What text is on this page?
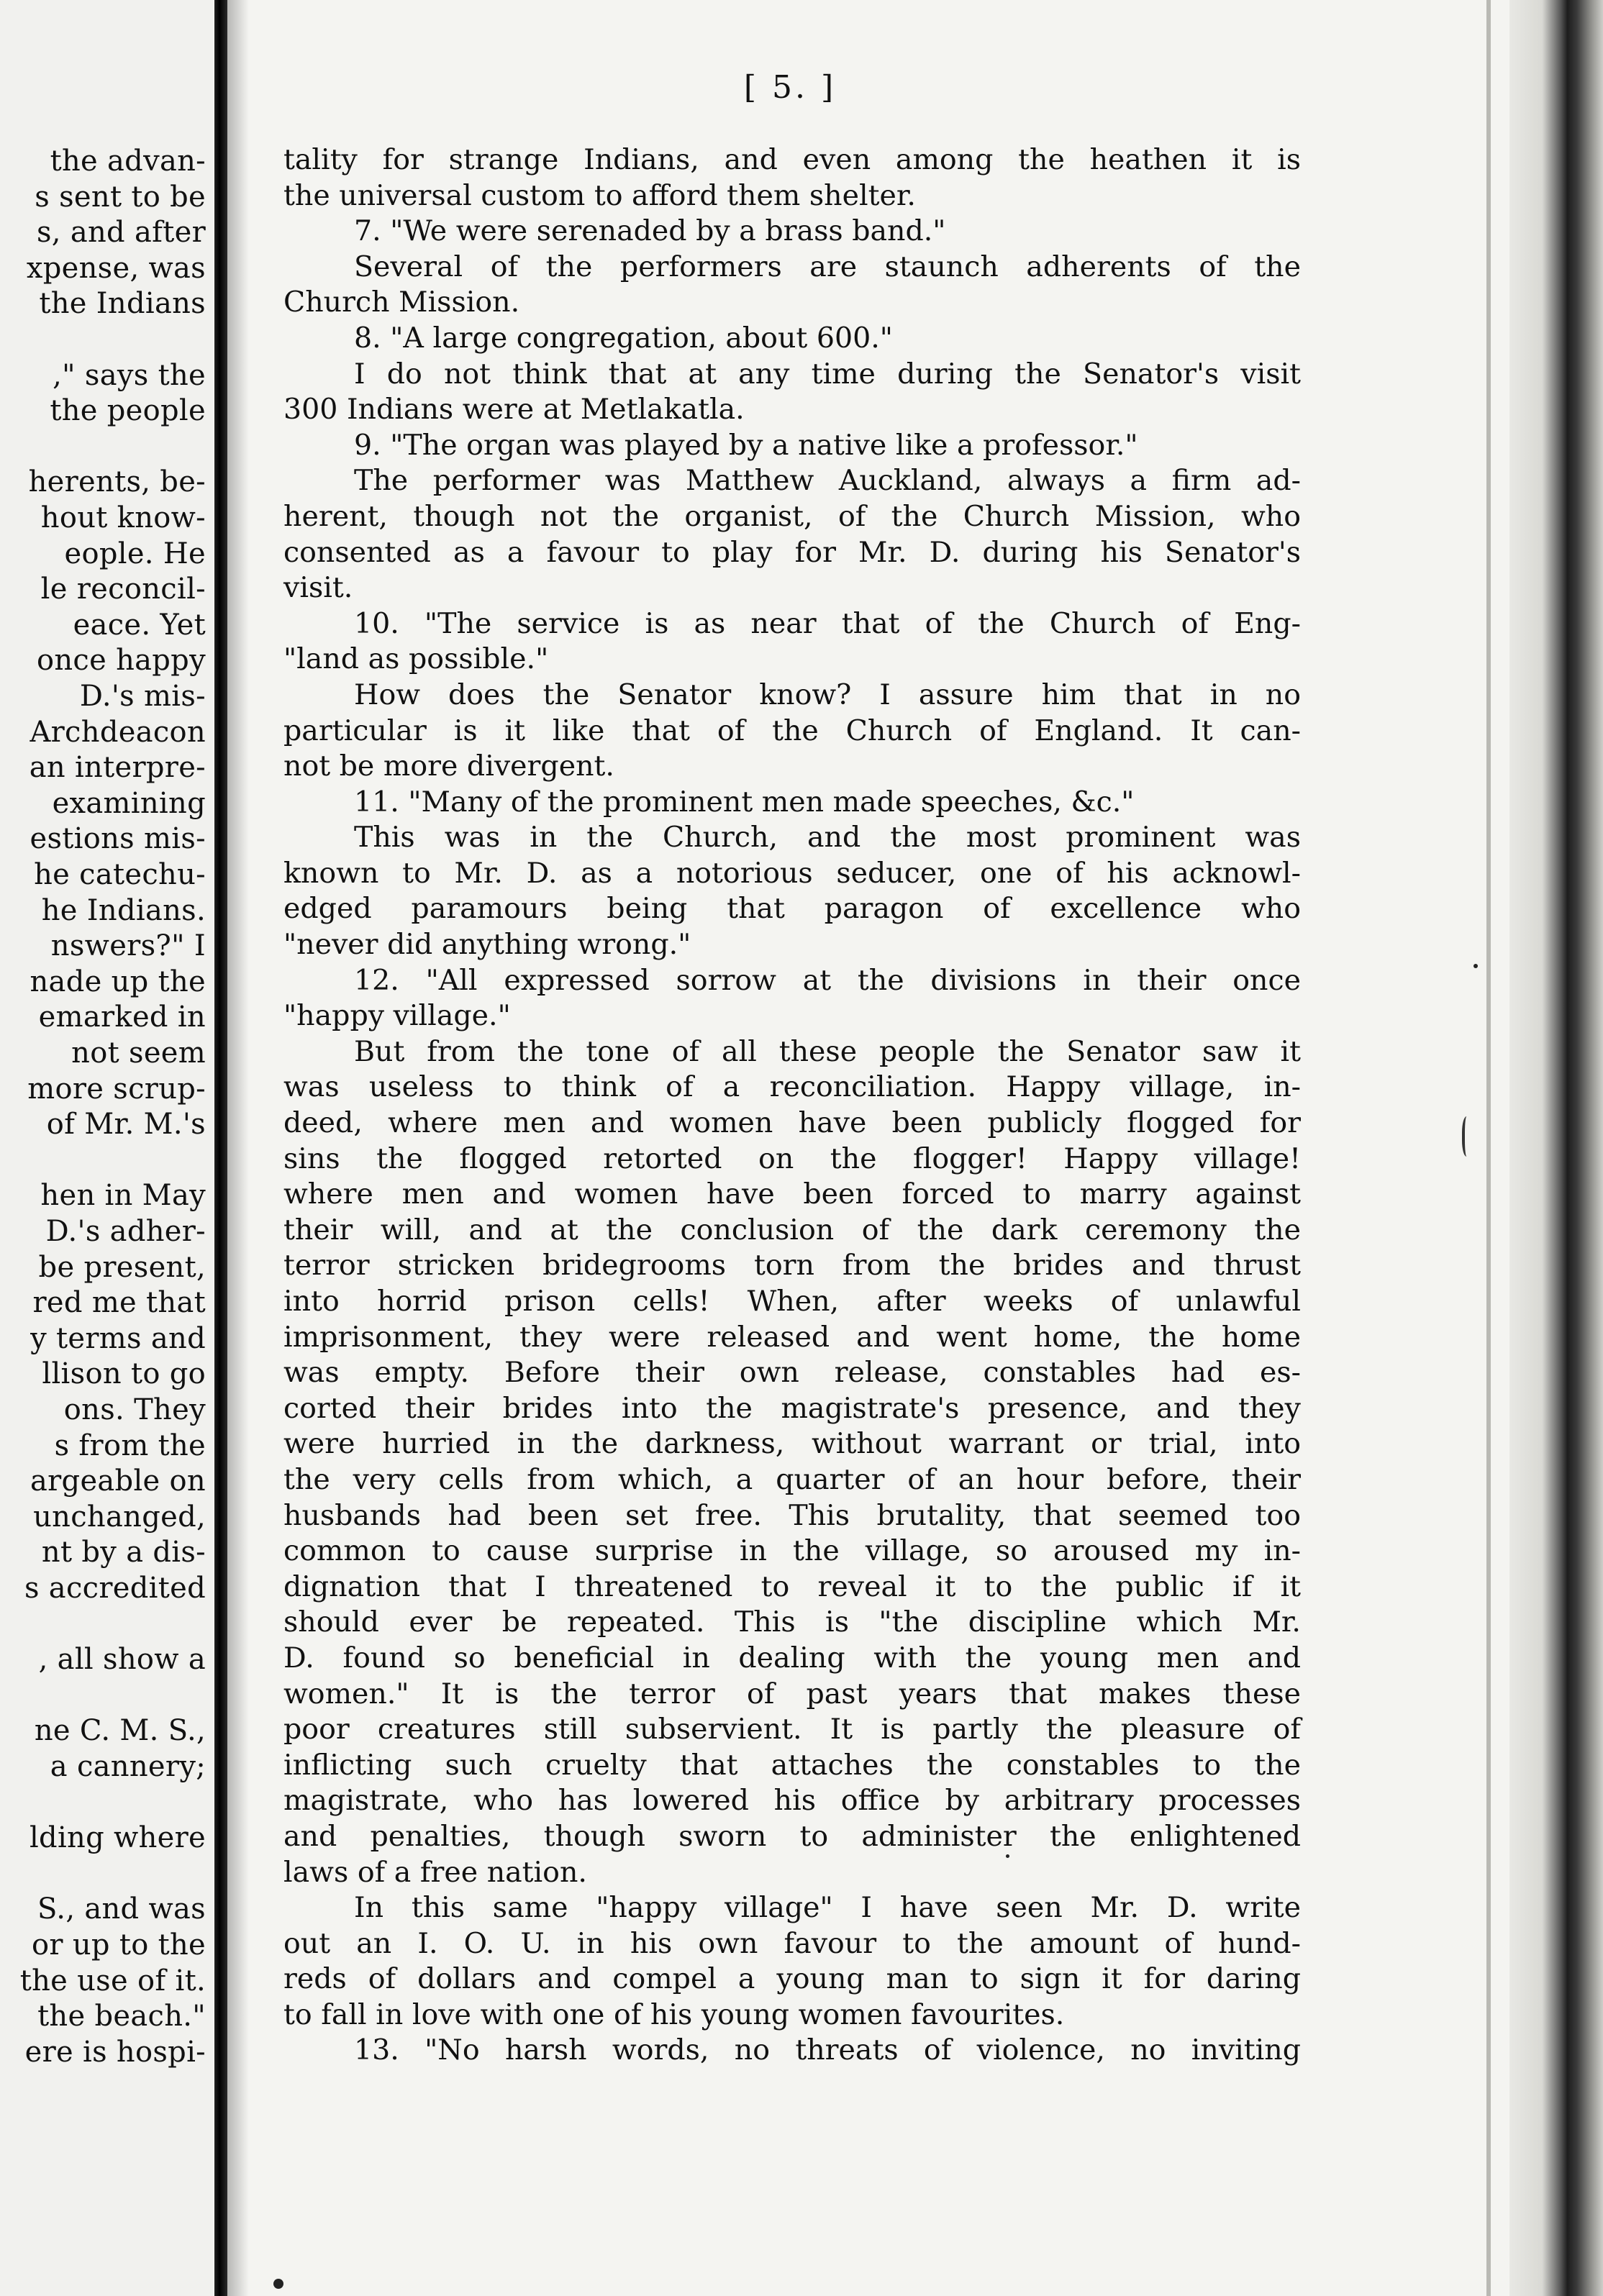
the advan-
s sent to be
s, and after
xpense, was
the Indians
," says the
the people
herents, be-
hout know-
eople. He
le reconcil-
eace. Yet
once happy
D.'s mis-
Archdeacon
an interpre-
examining
estions mis-
he catechu-
he Indians.
nswers?" I
nade up the
emarked in
not seem
more scrup-
of Mr. M.'s
hen in May
D.'s adher-
be present,
red me that
y terms and
llison to go
ons. They
s from the
argeable on
unchanged,
nt by a dis-
s accredited
, all show a
ne C. M. S.,
a cannery;
lding where
S., and was
or up to the
the use of it.
the beach."
ere is hospi-
[ 5. ]
tality for strange Indians, and even among the heathen it is
the universal custom to afford them shelter.
7. "We were serenaded by a brass band."
Several of the performers are staunch adherents of the
Church Mission.
8. "A large congregation, about 600."
I do not think that at any time during the Senator's visit
300 Indians were at Metlakatla.
9. "The organ was played by a native like a professor."
The performer was Matthew Auckland, always a firm ad-
herent, though not the organist, of the Church Mission, who
consented as a favour to play for Mr. D. during his Senator's
visit.
10. "The service is as near that of the Church of Eng-
"land as possible."
How does the Senator know? I assure him that in no
particular is it like that of the Church of England. It can-
not be more divergent.
11. "Many of the prominent men made speeches, &c."
This was in the Church, and the most prominent was
known to Mr. D. as a notorious seducer, one of his acknowl-
edged paramours being that paragon of excellence who
"never did anything wrong."
12. "All expressed sorrow at the divisions in their once
"happy village."
But from the tone of all these people the Senator saw it
was useless to think of a reconciliation. Happy village, in-
deed, where men and women have been publicly flogged for
sins the flogged retorted on the flogger! Happy village!
where men and women have been forced to marry against
their will, and at the conclusion of the dark ceremony the
terror stricken bridegrooms torn from the brides and thrust
into horrid prison cells! When, after weeks of unlawful
imprisonment, they were released and went home, the home
was empty. Before their own release, constables had es-
corted their brides into the magistrate's presence, and they
were hurried in the darkness, without warrant or trial, into
the very cells from which, a quarter of an hour before, their
husbands had been set free. This brutality, that seemed too
common to cause surprise in the village, so aroused my in-
dignation that I threatened to reveal it to the public if it
should ever be repeated. This is "the discipline which Mr.
D. found so beneficial in dealing with the young men and
women." It is the terror of past years that makes these
poor creatures still subservient. It is partly the pleasure of
inflicting such cruelty that attaches the constables to the
magistrate, who has lowered his office by arbitrary processes
and penalties, though sworn to administer the enlightened
laws of a free nation.
In this same "happy village" I have seen Mr. D. write
out an I. O. U. in his own favour to the amount of hund-
reds of dollars and compel a young man to sign it for daring
to fall in love with one of his young women favourites.
13. "No harsh words, no threats of violence, no inviting
